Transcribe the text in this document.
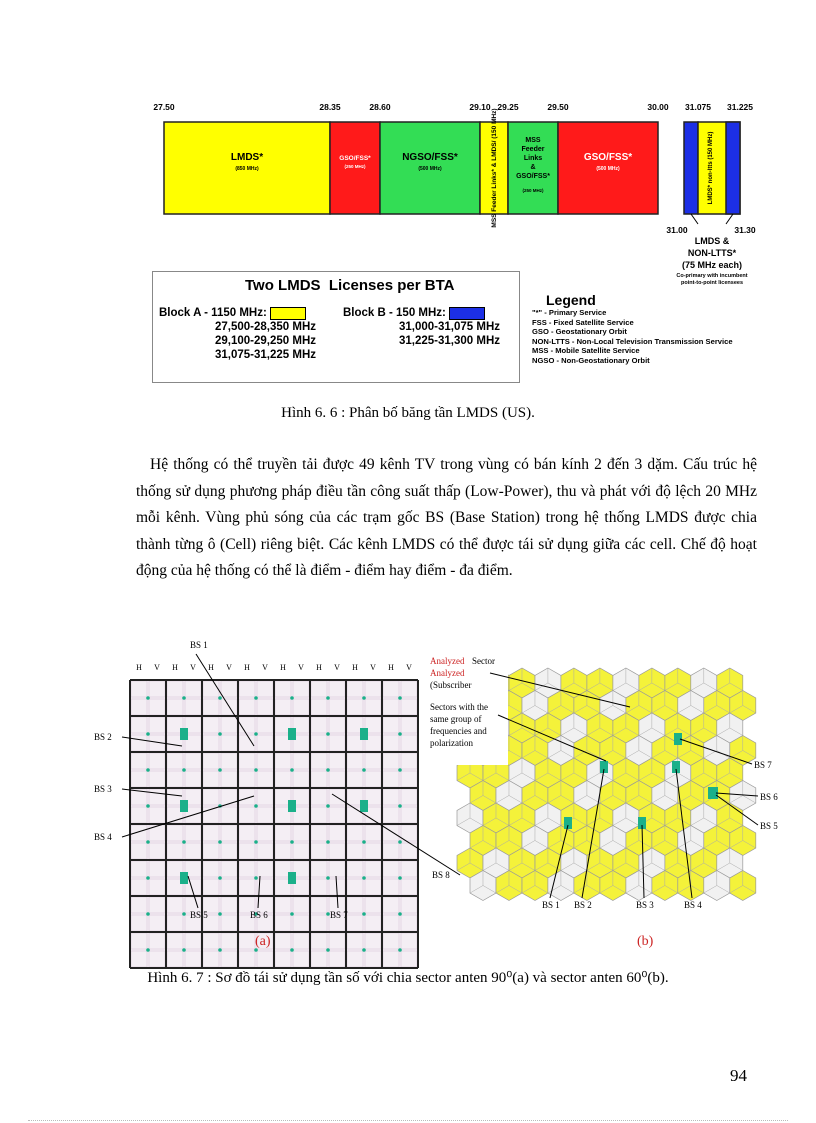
27.50	28.35	28.60	29.10 29.25	29.50	30.00 31.075 31.225
LMDS*
(850 MHz)
GSO/FSS*
(250 MHz)
NGSO/FSS*
(500 MHz)	MSS Feeder Links* & LMDS/ (150 MHz)	MSS
Feeder
Links
&
GSO/FSS*
(250 MHz)
GSO/FSS*
(500 MHz)	LMDS* non-ltts (150 MHz)
31.00	31.30
LMDS &
NON-LTTS*
(75 MHz each)
Co-primary with incumbent
point-to-point licensees
Two LMDS  Licenses per BTA
Block A - 1150 MHz:
27,500-28,350 MHz
29,100-29,250 MHz
31,075-31,225 MHz
Block B - 150 MHz:
31,000-31,075 MHz
31,225-31,300 MHz
Legend
"*" - Primary Service
FSS - Fixed Satellite Service
GSO - Geostationary Orbit
NON-LTTS - Non-Local Television Transmission Service
MSS - Mobile Satellite Service
NGSO - Non-Geostationary Orbit
Hình 6. 6 : Phân bố băng tần LMDS (US).

Hệ thống có thể truyền tải được 49 kênh TV trong vùng có bán kính 2 đến 3 dặm. Cấu trúc hệ thống sử dụng phương pháp điều tần công suất thấp (Low-Power), thu và phát với độ lệch 20 MHz mỗi kênh. Vùng phủ sóng của các trạm gốc BS (Base Station) trong hệ thống LMDS được chia thành từng ô (Cell) riêng biệt. Các kênh LMDS có thể được tái sử dụng giữa các cell. Chế độ hoạt động của hệ thống có thể là điểm - điểm hay điểm - đa điểm.

H V H V H V H V H V H V H V H V
BS 1
BS 2
BS 3
BS 4
BS 5	BS 6	BS 7
BS 8
(a)
Analyzed Sector
Analyzed
(Subscriber
Sectors with the
same group of
frequencies and
polarization
BS 7
BS 6
BS 5
BS 1 BS 2	BS 3	BS 4
(b)
Hình 6. 7 : Sơ đồ tái sử dụng tần số với chia sector anten 90⁰(a) và sector anten 60⁰(b).
94
